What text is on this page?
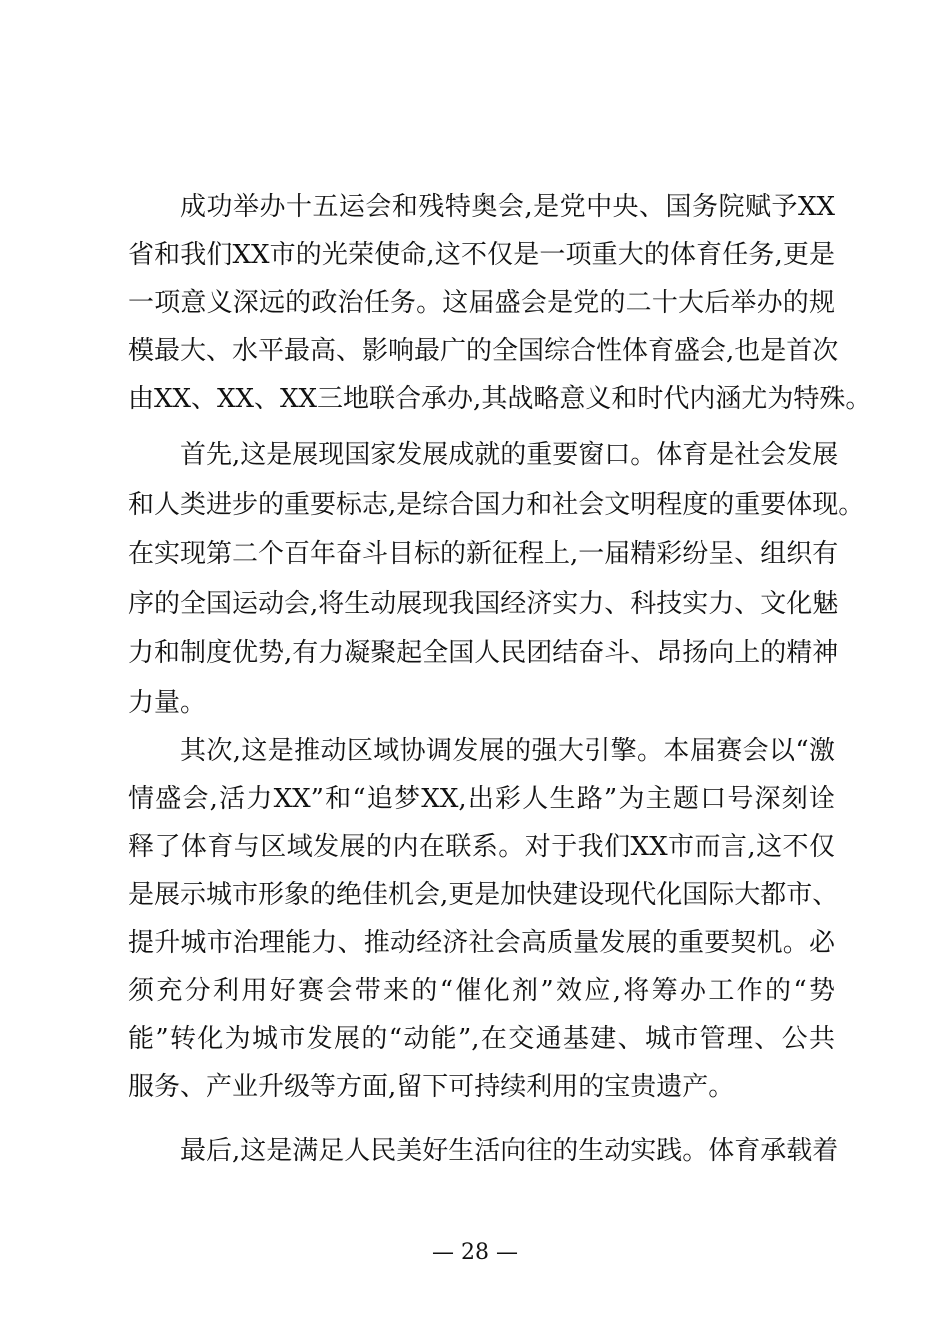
成功举办十五运会和残特奥会,是党中央、国务院赋予XX
省和我们XX市的光荣使命,这不仅是一项重大的体育任务,更是
一项意义深远的政治任务。这届盛会是党的二十大后举办的规
模最大、水平最高、影响最广的全国综合性体育盛会,也是首次
由XX、XX、XX三地联合承办,其战略意义和时代内涵尤为特殊。
首先,这是展现国家发展成就的重要窗口。体育是社会发展
和人类进步的重要标志,是综合国力和社会文明程度的重要体现。
在实现第二个百年奋斗目标的新征程上,一届精彩纷呈、组织有
序的全国运动会,将生动展现我国经济实力、科技实力、文化魅
力和制度优势,有力凝聚起全国人民团结奋斗、昂扬向上的精神
力量。
其次,这是推动区域协调发展的强大引擎。本届赛会以“激
情盛会,活力XX”和“追梦XX,出彩人生路”为主题口号深刻诠
释了体育与区域发展的内在联系。对于我们XX市而言,这不仅
是展示城市形象的绝佳机会,更是加快建设现代化国际大都市、
提升城市治理能力、推动经济社会高质量发展的重要契机。必
须充分利用好赛会带来的“催化剂”效应,将筹办工作的“势
能”转化为城市发展的“动能”,在交通基建、城市管理、公共
服务、产业升级等方面,留下可持续利用的宝贵遗产。
最后,这是满足人民美好生活向往的生动实践。体育承载着
— 28 —
